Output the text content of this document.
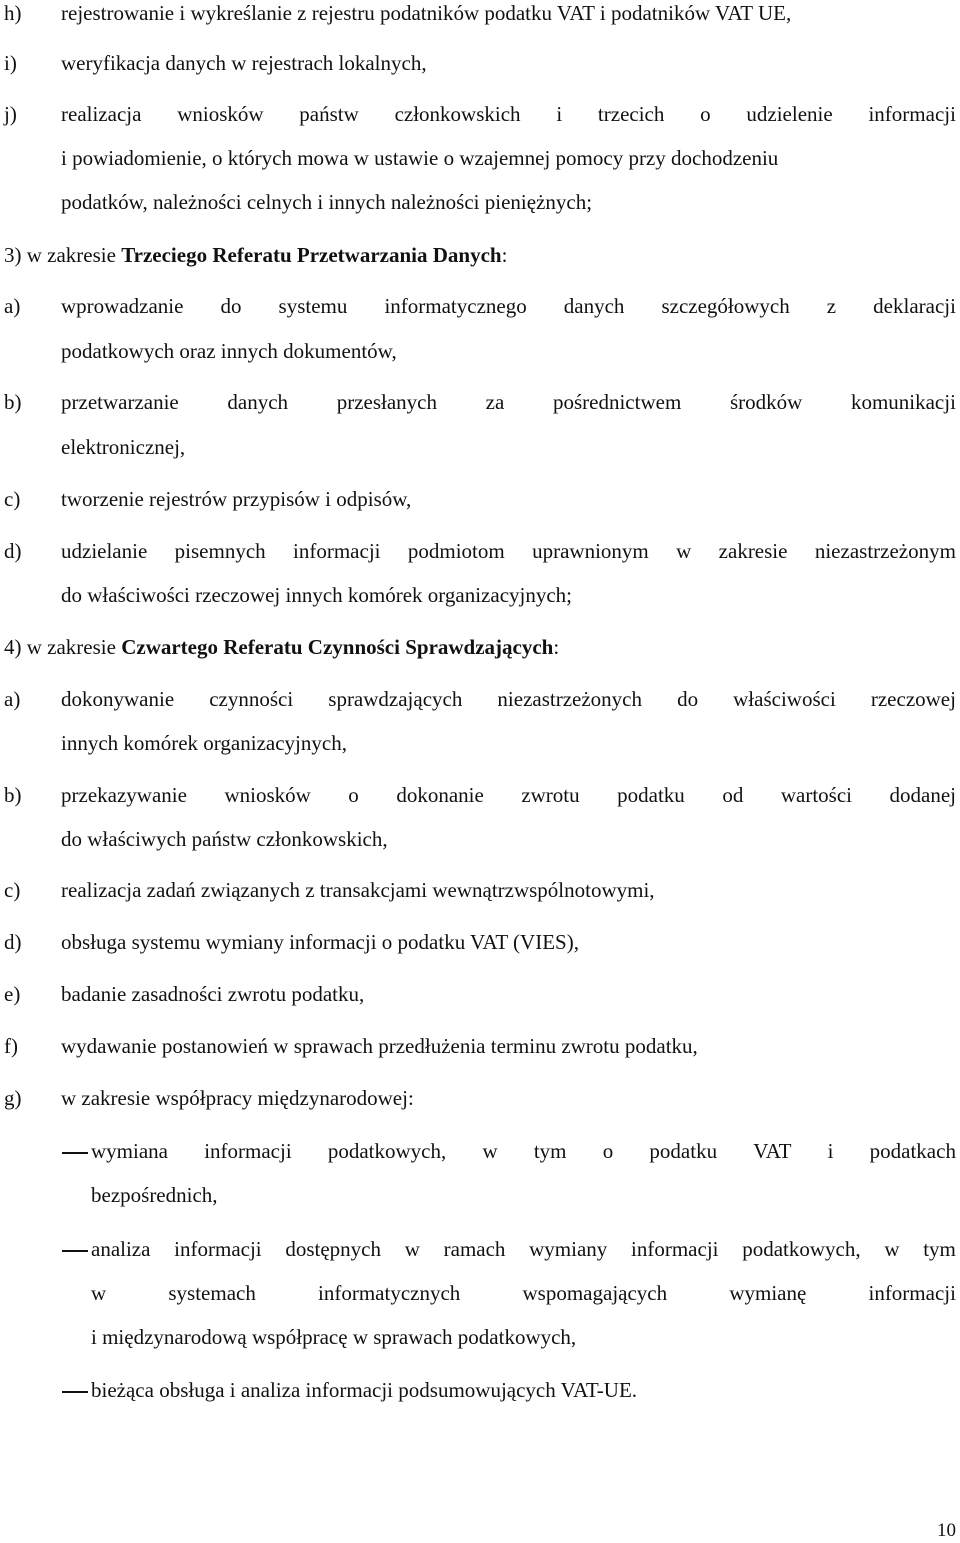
h) rejestrowanie i wykreślanie z rejestru podatników podatku VAT i podatników VAT UE,
i) weryfikacja danych w rejestrach lokalnych,
j) realizacja wniosków państw członkowskich i trzecich o udzielenie informacji
i powiadomienie, o których mowa w ustawie o wzajemnej pomocy przy dochodzeniu
podatków, należności celnych i innych należności pieniężnych;
3) w zakresie Trzeciego Referatu Przetwarzania Danych:
a) wprowadzanie do systemu informatycznego danych szczegółowych z deklaracji
podatkowych oraz innych dokumentów,
b) przetwarzanie danych przesłanych za pośrednictwem środków komunikacji
elektronicznej,
c) tworzenie rejestrów przypisów i odpisów,
d) udzielanie pisemnych informacji podmiotom uprawnionym w zakresie niezastrzeżonym
do właściwości rzeczowej innych komórek organizacyjnych;
4) w zakresie Czwartego Referatu Czynności Sprawdzających:
a) dokonywanie czynności sprawdzających niezastrzeżonych do właściwości rzeczowej
innych komórek organizacyjnych,
b) przekazywanie wniosków o dokonanie zwrotu podatku od wartości dodanej
do właściwych państw członkowskich,
c) realizacja zadań związanych z transakcjami wewnątrzwspólnotowymi,
d) obsługa systemu wymiany informacji o podatku VAT (VIES),
e) badanie zasadności zwrotu podatku,
f) wydawanie postanowień w sprawach przedłużenia terminu zwrotu podatku,
g) w zakresie współpracy międzynarodowej:
wymiana informacji podatkowych, w tym o podatku VAT i podatkach
bezpośrednich,
analiza informacji dostępnych w ramach wymiany informacji podatkowych, w tym
w	systemach	informatycznych	wspomagających	wymianę	informacji
i międzynarodową współpracę w sprawach podatkowych,
bieżąca obsługa i analiza informacji podsumowujących VAT-UE.
10
